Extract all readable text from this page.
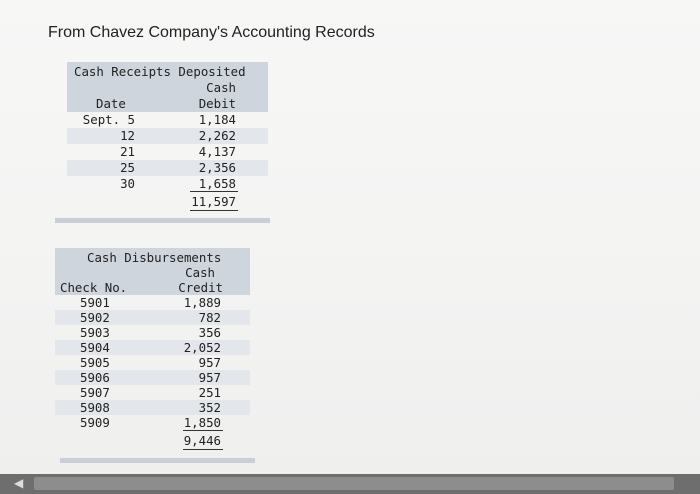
From Chavez Company's Accounting Records
Cash Receipts Deposited
Cash
Date	Debit
Sept. 5	1,184
12	2,262
21	4,137
25	2,356
30	1,658
11,597
Cash Disbursements
Cash
Check No.	Credit
5901	1,889
5902	782
5903	356
5904	2,052
5905	957
5906	957
5907	251
5908	352
5909	1,850
9,446
◀
